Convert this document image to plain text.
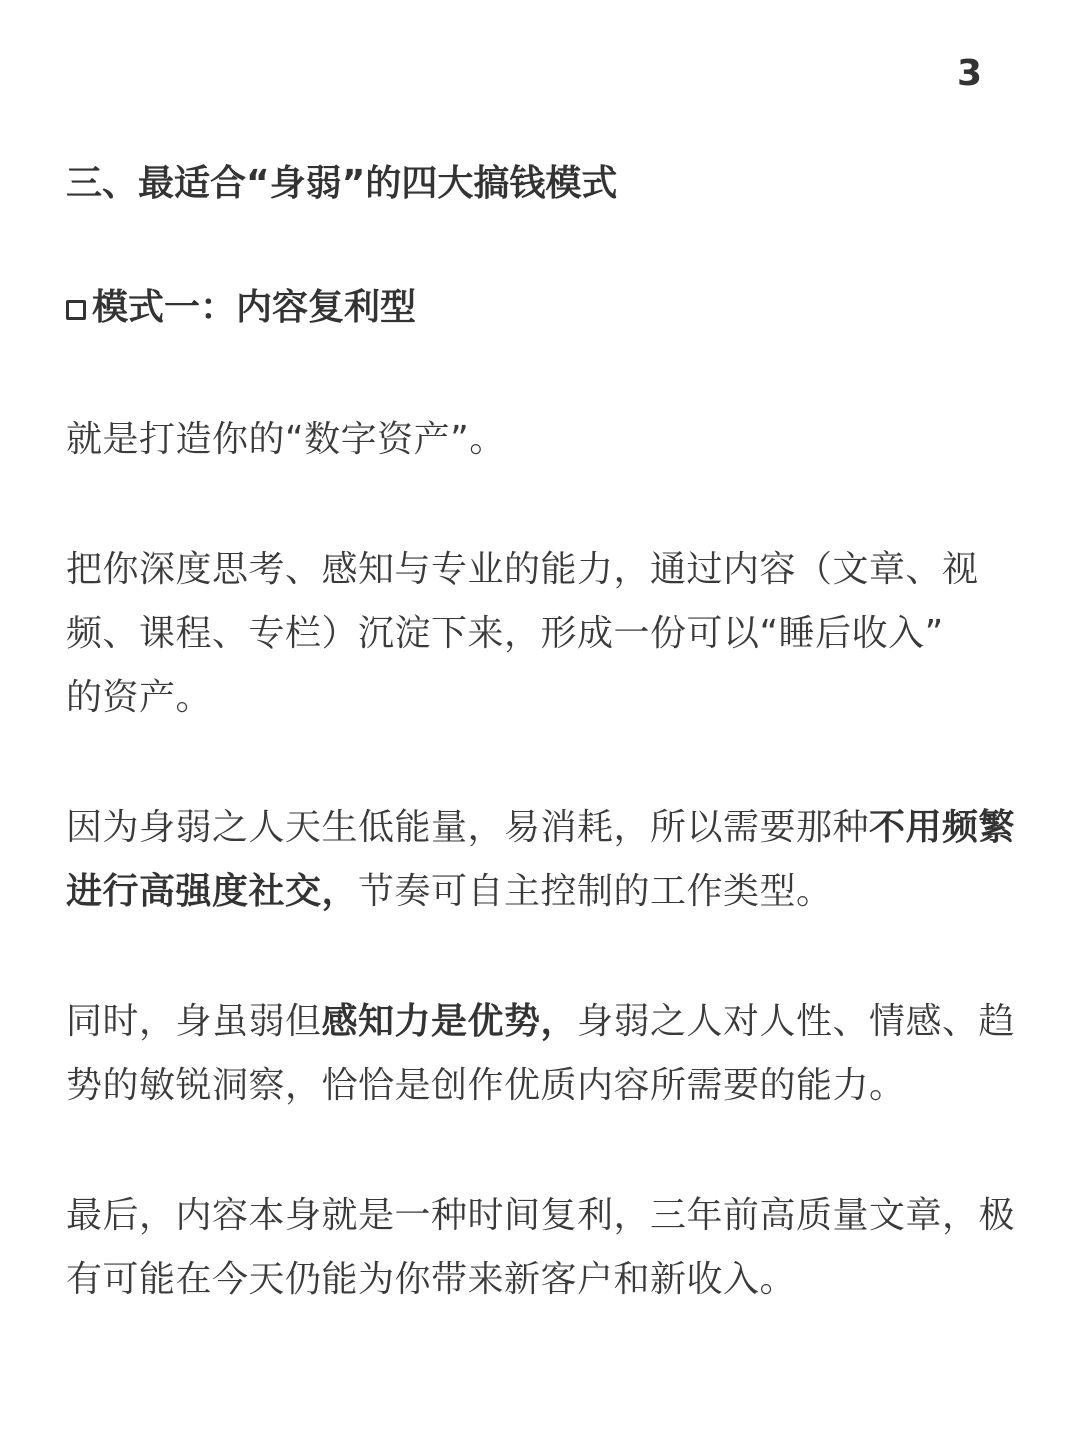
3
三、最适合“身弱”的四大搞钱模式
模式一：内容复利型
就是打造你的“数字资产”。
把你深度思考、感知与专业的能力，通过内容（文章、视
频、课程、专栏）沉淀下来，形成一份可以“睡后收入”
的资产。
因为身弱之人天生低能量，易消耗，所以需要那种不用频繁进行高强度社交，节奏可自主控制的工作类型。
同时，身虽弱但感知力是优势，身弱之人对人性、情感、趋势的敏锐洞察，恰恰是创作优质内容所需要的能力。
最后，内容本身就是一种时间复利，三年前高质量文章，极有可能在今天仍能为你带来新客户和新收入。
